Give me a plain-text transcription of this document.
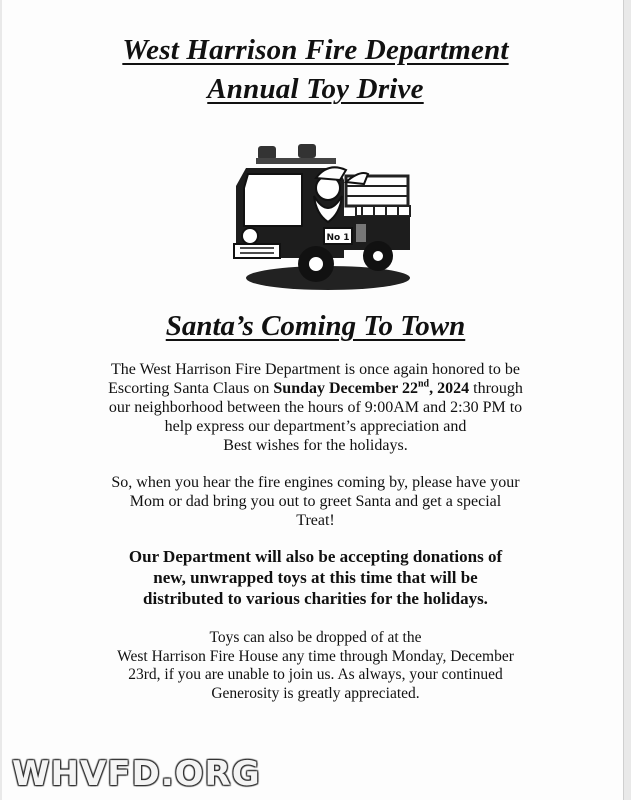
West Harrison Fire Department
Annual Toy Drive
No 1
Santa’s Coming To Town
The West Harrison Fire Department is once again honored to be
Escorting Santa Claus on Sunday December 22nd, 2024 through
our neighborhood between the hours of 9:00AM and 2:30 PM to
help express our department’s appreciation and
Best wishes for the holidays.
So, when you hear the fire engines coming by, please have your
Mom or dad bring you out to greet Santa and get a special
Treat!
Our Department will also be accepting donations of
new, unwrapped toys at this time that will be
distributed to various charities for the holidays.
Toys can also be dropped of at the
West Harrison Fire House any time through Monday, December
23rd, if you are unable to join us. As always, your continued
Generosity is greatly appreciated.
WHVFD.ORG
